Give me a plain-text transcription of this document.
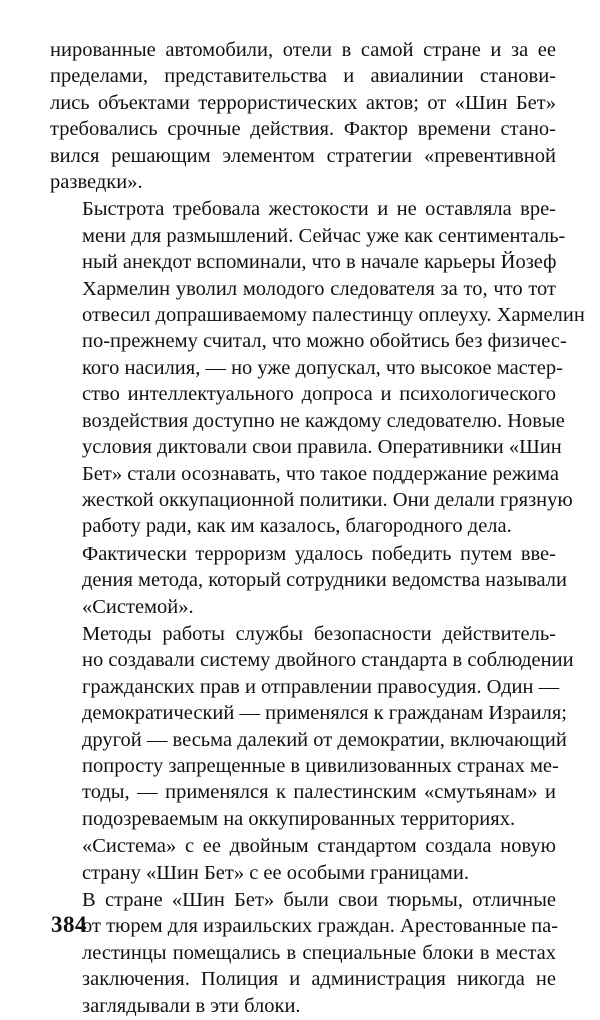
нированные автомобили, отели в самой стране и за ее
пределами, представительства и авиалинии станови-
лись объектами террористических актов; от «Шин Бет»
требовались срочные действия. Фактор времени стано-
вился решающим элементом стратегии «превентивной
разведки».
Быстрота требовала жестокости и не оставляла вре-
мени для размышлений. Сейчас уже как сентименталь-
ный анекдот вспоминали, что в начале карьеры Йозеф
Хармелин уволил молодого следователя за то, что тот
отвесил допрашиваемому палестинцу оплеуху. Хармелин
по-прежнему считал, что можно обойтись без физичес-
кого насилия, — но уже допускал, что высокое мастер-
ство интеллектуального допроса и психологического
воздействия доступно не каждому следователю. Новые
условия диктовали свои правила. Оперативники «Шин
Бет» стали осознавать, что такое поддержание режима
жесткой оккупационной политики. Они делали грязную
работу ради, как им казалось, благородного дела.
Фактически терроризм удалось победить путем вве-
дения метода, который сотрудники ведомства называли
«Системой».
Методы работы службы безопасности действитель-
но создавали систему двойного стандарта в соблюдении
гражданских прав и отправлении правосудия. Один —
демократический — применялся к гражданам Израиля;
другой — весьма далекий от демократии, включающий
попросту запрещенные в цивилизованных странах ме-
тоды, — применялся к палестинским «смутьянам» и
подозреваемым на оккупированных территориях.
«Система» с ее двойным стандартом создала новую
страну «Шин Бет» с ее особыми границами.
В стране «Шин Бет» были свои тюрьмы, отличные
от тюрем для израильских граждан. Арестованные па-
лестинцы помещались в специальные блоки в местах
заключения. Полиция и администрация никогда не
заглядывали в эти блоки.
384
